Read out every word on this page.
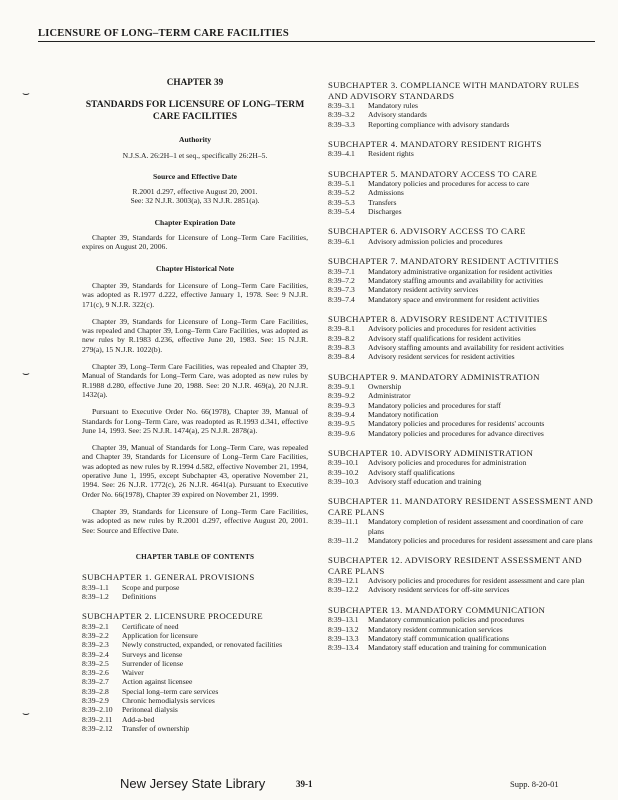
LICENSURE OF LONG–TERM CARE FACILITIES
⌣
⌣
⌣
CHAPTER 39
STANDARDS FOR LICENSURE OF LONG–TERM CARE FACILITIES
Authority
N.J.S.A. 26:2H–1 et seq., specifically 26:2H–5.
Source and Effective Date
R.2001 d.297, effective August 20, 2001.
See: 32 N.J.R. 3003(a), 33 N.J.R. 2851(a).
Chapter Expiration Date
Chapter 39, Standards for Licensure of Long–Term Care Facilities, expires on August 20, 2006.
Chapter Historical Note
Chapter 39, Standards for Licensure of Long–Term Care Facilities, was adopted as R.1977 d.222, effective January 1, 1978. See: 9 N.J.R. 171(c), 9 N.J.R. 322(c).
Chapter 39, Standards for Licensure of Long–Term Care Facilities, was repealed and Chapter 39, Long–Term Care Facilities, was adopted as new rules by R.1983 d.236, effective June 20, 1983. See: 15 N.J.R. 279(a), 15 N.J.R. 1022(b).
Chapter 39, Long–Term Care Facilities, was repealed and Chapter 39, Manual of Standards for Long–Term Care, was adopted as new rules by R.1988 d.280, effective June 20, 1988. See: 20 N.J.R. 469(a), 20 N.J.R. 1432(a).
Pursuant to Executive Order No. 66(1978), Chapter 39, Manual of Standards for Long–Term Care, was readopted as R.1993 d.341, effective June 14, 1993. See: 25 N.J.R. 1474(a), 25 N.J.R. 2878(a).
Chapter 39, Manual of Standards for Long–Term Care, was repealed and Chapter 39, Standards for Licensure of Long–Term Care Facilities, was adopted as new rules by R.1994 d.582, effective November 21, 1994, operative June 1, 1995, except Subchapter 43, operative November 21, 1994. See: 26 N.J.R. 1772(c), 26 N.J.R. 4641(a). Pursuant to Executive Order No. 66(1978), Chapter 39 expired on November 21, 1999.
Chapter 39, Standards for Licensure of Long–Term Care Facilities, was adopted as new rules by R.2001 d.297, effective August 20, 2001. See: Source and Effective Date.
CHAPTER TABLE OF CONTENTS
SUBCHAPTER 1. GENERAL PROVISIONS
8:39–1.1	Scope and purpose
8:39–1.2	Definitions
SUBCHAPTER 2. LICENSURE PROCEDURE
8:39–2.1	Certificate of need
8:39–2.2	Application for licensure
8:39–2.3	Newly constructed, expanded, or renovated facilities
8:39–2.4	Surveys and license
8:39–2.5	Surrender of license
8:39–2.6	Waiver
8:39–2.7	Action against licensee
8:39–2.8	Special long–term care services
8:39–2.9	Chronic hemodialysis services
8:39–2.10	Peritoneal dialysis
8:39–2.11	Add-a-bed
8:39–2.12	Transfer of ownership
SUBCHAPTER 3. COMPLIANCE WITH MANDATORY RULES AND ADVISORY STANDARDS
8:39–3.1	Mandatory rules
8:39–3.2	Advisory standards
8:39–3.3	Reporting compliance with advisory standards
SUBCHAPTER 4. MANDATORY RESIDENT RIGHTS
8:39–4.1	Resident rights
SUBCHAPTER 5. MANDATORY ACCESS TO CARE
8:39–5.1	Mandatory policies and procedures for access to care
8:39–5.2	Admissions
8:39–5.3	Transfers
8:39–5.4	Discharges
SUBCHAPTER 6. ADVISORY ACCESS TO CARE
8:39–6.1	Advisory admission policies and procedures
SUBCHAPTER 7. MANDATORY RESIDENT ACTIVITIES
8:39–7.1	Mandatory administrative organization for resident activities
8:39–7.2	Mandatory staffing amounts and availability for activities
8:39–7.3	Mandatory resident activity services
8:39–7.4	Mandatory space and environment for resident activities
SUBCHAPTER 8. ADVISORY RESIDENT ACTIVITIES
8:39–8.1	Advisory policies and procedures for resident activities
8:39–8.2	Advisory staff qualifications for resident activities
8:39–8.3	Advisory staffing amounts and availability for resident activities
8:39–8.4	Advisory resident services for resident activities
SUBCHAPTER 9. MANDATORY ADMINISTRATION
8:39–9.1	Ownership
8:39–9.2	Administrator
8:39–9.3	Mandatory policies and procedures for staff
8:39–9.4	Mandatory notification
8:39–9.5	Mandatory policies and procedures for residents' accounts
8:39–9.6	Mandatory policies and procedures for advance directives
SUBCHAPTER 10. ADVISORY ADMINISTRATION
8:39–10.1	Advisory policies and procedures for administration
8:39–10.2	Advisory staff qualifications
8:39–10.3	Advisory staff education and training
SUBCHAPTER 11. MANDATORY RESIDENT ASSESSMENT AND CARE PLANS
8:39–11.1	Mandatory completion of resident assessment and coordination of care plans
8:39–11.2	Mandatory policies and procedures for resident assessment and care plans
SUBCHAPTER 12. ADVISORY RESIDENT ASSESSMENT AND CARE PLANS
8:39–12.1	Advisory policies and procedures for resident assessment and care plan
8:39–12.2	Advisory resident services for off-site services
SUBCHAPTER 13. MANDATORY COMMUNICATION
8:39–13.1	Mandatory communication policies and procedures
8:39–13.2	Mandatory resident communication services
8:39–13.3	Mandatory staff communication qualifications
8:39–13.4	Mandatory staff education and training for communication
New Jersey State Library	39-1	Supp. 8-20-01
